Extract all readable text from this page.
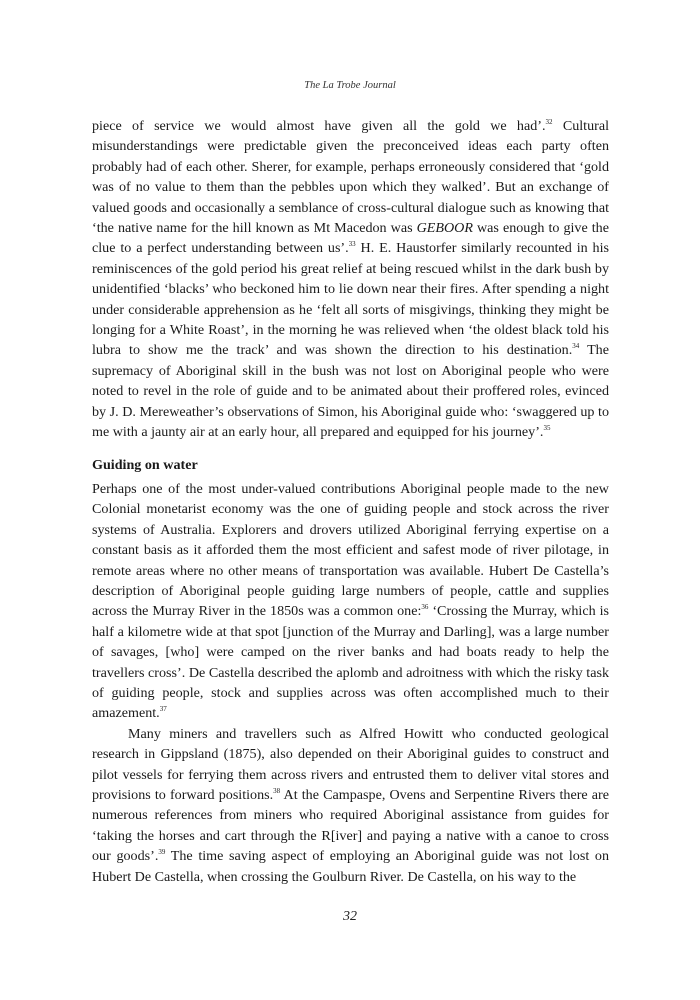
The La Trobe Journal

piece of service we would almost have given all the gold we had’.$^{32}$ Cultural misunderstandings were predictable given the preconceived ideas each party often probably had of each other. Sherer, for example, perhaps erroneously considered that ‘gold was of no value to them than the pebbles upon which they walked’. But an exchange of valued goods and occasionally a semblance of cross-cultural dialogue such as knowing that ‘the native name for the hill known as Mt Macedon was GEBOOR was enough to give the clue to a perfect understanding between us’.$^{33}$ H. E. Haustorfer similarly recounted in his reminiscences of the gold period his great relief at being rescued whilst in the dark bush by unidentified ‘blacks’ who beckoned him to lie down near their fires. After spending a night under considerable apprehension as he ‘felt all sorts of misgivings, thinking they might be longing for a White Roast’, in the morning he was relieved when ‘the oldest black told his lubra to show me the track’ and was shown the direction to his destination.$^{34}$ The supremacy of Aboriginal skill in the bush was not lost on Aboriginal people who were noted to revel in the role of guide and to be animated about their proffered roles, evinced by J. D. Mereweather’s observations of Simon, his Aboriginal guide who: ‘swaggered up to me with a jaunty air at an early hour, all prepared and equipped for his journey’.$^{35}$

Guiding on water

Perhaps one of the most under-valued contributions Aboriginal people made to the new Colonial monetarist economy was the one of guiding people and stock across the river systems of Australia. Explorers and drovers utilized Aboriginal ferrying expertise on a constant basis as it afforded them the most efficient and safest mode of river pilotage, in remote areas where no other means of transportation was available. Hubert De Castella’s description of Aboriginal people guiding large numbers of people, cattle and supplies across the Murray River in the 1850s was a common one:$^{36}$ ‘Crossing the Murray, which is half a kilometre wide at that spot [junction of the Murray and Darling], was a large number of savages, [who] were camped on the river banks and had boats ready to help the travellers cross’. De Castella described the aplomb and adroitness with which the risky task of guiding people, stock and supplies across was often accomplished much to their amazement.$^{37}$

Many miners and travellers such as Alfred Howitt who conducted geological research in Gippsland (1875), also depended on their Aboriginal guides to construct and pilot vessels for ferrying them across rivers and entrusted them to deliver vital stores and provisions to forward positions.$^{38}$ At the Campaspe, Ovens and Serpentine Rivers there are numerous references from miners who required Aboriginal assistance from guides for ‘taking the horses and cart through the R[iver] and paying a native with a canoe to cross our goods’.$^{39}$ The time saving aspect of employing an Aboriginal guide was not lost on Hubert De Castella, when crossing the Goulburn River. De Castella, on his way to the

32
